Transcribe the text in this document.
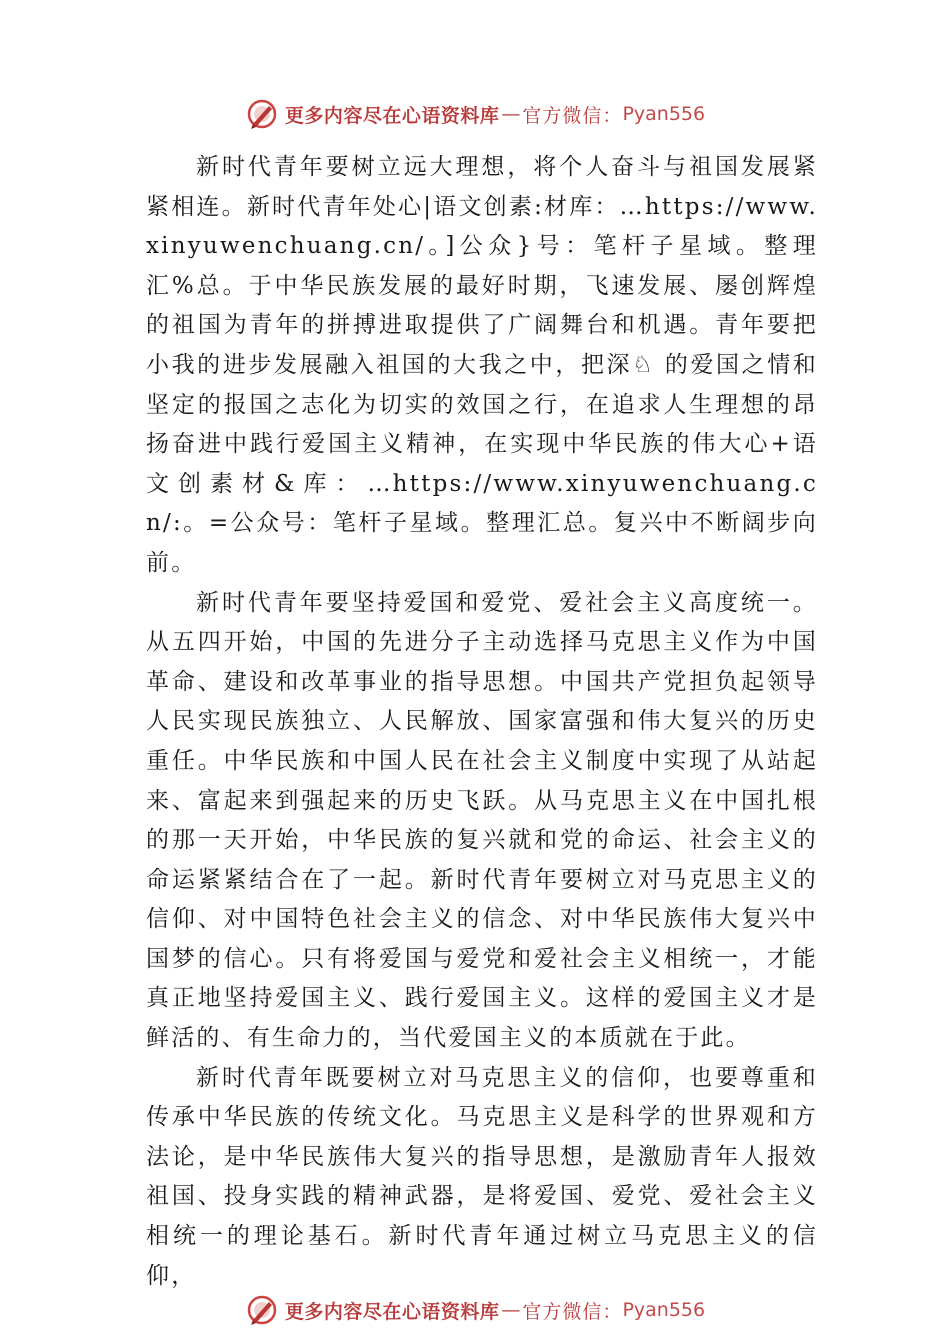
更多内容尽在心语资料库 — 官方微信： Pyan556

新时代青年要树立远大理想，将个人奋斗与祖国发展紧紧相连。新时代青年处心|语文创素:材库：…https://www.xinyuwenchuang.cn/。]公众}号：笔杆子星域。整理汇%总。于中华民族发展的最好时期，飞速发展、屡创辉煌的祖国为青年的拼搏进取提供了广阔舞台和机遇。青年要把小我的进步发展融入祖国的大我之中，把深♘ 的爱国之情和坚定的报国之志化为切实的效国之行，在追求人生理想的昂扬奋进中践行爱国主义精神，在实现中华民族的伟大心+语文创素材&库：…https://www.xinyuwenchuang.cn/:。=公众号：笔杆子星域。整理汇总。复兴中不断阔步向前。

新时代青年要坚持爱国和爱党、爱社会主义高度统一。从五四开始，中国的先进分子主动选择马克思主义作为中国革命、建设和改革事业的指导思想。中国共产党担负起领导人民实现民族独立、人民解放、国家富强和伟大复兴的历史重任。中华民族和中国人民在社会主义制度中实现了从站起来、富起来到强起来的历史飞跃。从马克思主义在中国扎根的那一天开始，中华民族的复兴就和党的命运、社会主义的命运紧紧结合在了一起。新时代青年要树立对马克思主义的信仰、对中国特色社会主义的信念、对中华民族伟大复兴中国梦的信心。只有将爱国与爱党和爱社会主义相统一，才能真正地坚持爱国主义、践行爱国主义。这样的爱国主义才是鲜活的、有生命力的，当代爱国主义的本质就在于此。

新时代青年既要树立对马克思主义的信仰，也要尊重和传承中华民族的传统文化。马克思主义是科学的世界观和方法论，是中华民族伟大复兴的指导思想，是激励青年人报效祖国、投身实践的精神武器，是将爱国、爱党、爱社会主义相统一的理论基石。新时代青年通过树立马克思主义的信仰，

更多内容尽在心语资料库 — 官方微信： Pyan556
